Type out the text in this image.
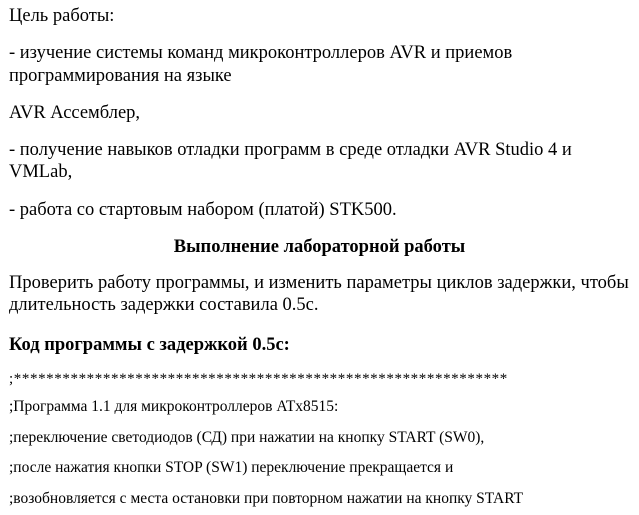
Цель работы:
- изучение системы команд микроконтроллеров AVR и приемов
программирования на языке
AVR Ассемблер,
- получение навыков отладки программ в среде отладки AVR Studio 4 и VMLab,
- работа со стартовым набором (платой) STK500.
Выполнение лабораторной работы
Проверить работу программы, и изменить параметры циклов задержки, чтобы длительность задержки составила 0.5с.
Код программы с задержкой 0.5с:
;*************************************************************
;Программа 1.1 для микроконтроллеров ATx8515:
;переключение светодиодов (СД) при нажатии на кнопку START (SW0),
;после нажатия кнопки STOP (SW1) переключение прекращается и
;возобновляется с места остановки при повторном нажатии на кнопку START
